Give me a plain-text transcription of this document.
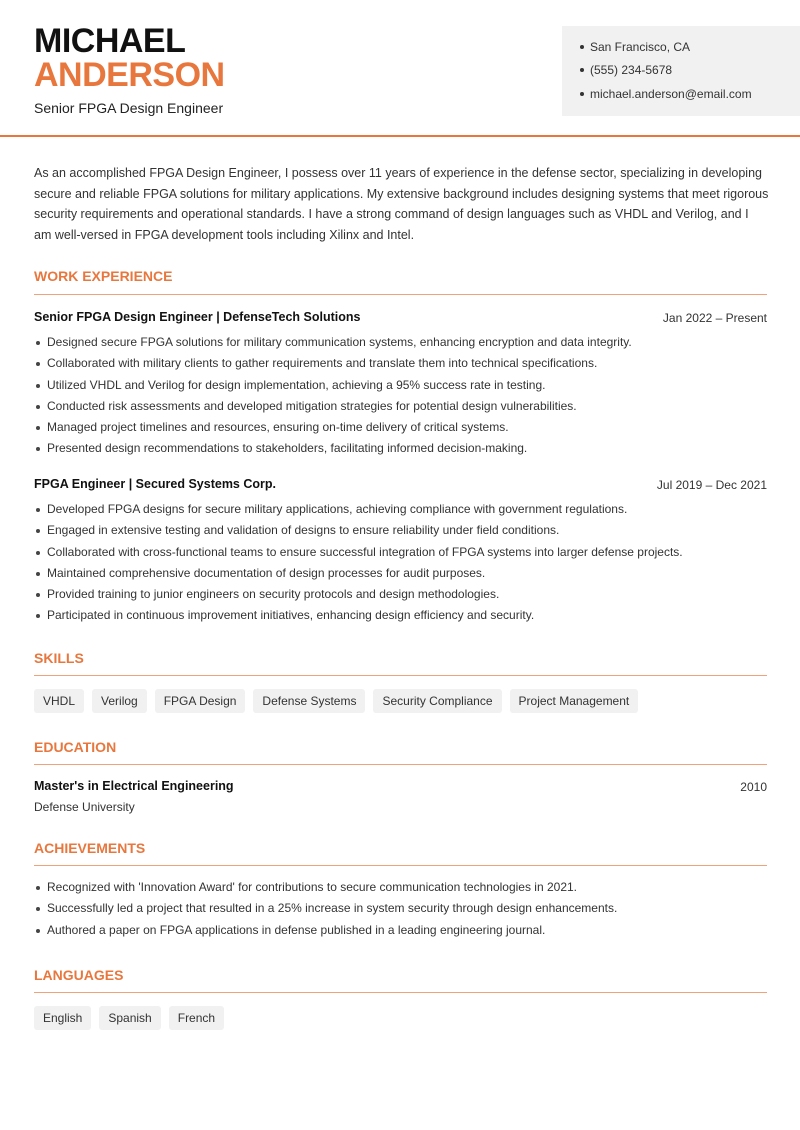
MICHAEL
ANDERSON
Senior FPGA Design Engineer
San Francisco, CA
(555) 234-5678
michael.anderson@email.com

As an accomplished FPGA Design Engineer, I possess over 11 years of experience in the defense sector, specializing in developing secure and reliable FPGA solutions for military applications. My extensive background includes designing systems that meet rigorous security requirements and operational standards. I have a strong command of design languages such as VHDL and Verilog, and I am well-versed in FPGA development tools including Xilinx and Intel.

WORK EXPERIENCE
Senior FPGA Design Engineer | DefenseTech Solutions	Jan 2022 – Present
Designed secure FPGA solutions for military communication systems, enhancing encryption and data integrity.
Collaborated with military clients to gather requirements and translate them into technical specifications.
Utilized VHDL and Verilog for design implementation, achieving a 95% success rate in testing.
Conducted risk assessments and developed mitigation strategies for potential design vulnerabilities.
Managed project timelines and resources, ensuring on-time delivery of critical systems.
Presented design recommendations to stakeholders, facilitating informed decision-making.
FPGA Engineer | Secured Systems Corp.	Jul 2019 – Dec 2021
Developed FPGA designs for secure military applications, achieving compliance with government regulations.
Engaged in extensive testing and validation of designs to ensure reliability under field conditions.
Collaborated with cross-functional teams to ensure successful integration of FPGA systems into larger defense projects.
Maintained comprehensive documentation of design processes for audit purposes.
Provided training to junior engineers on security protocols and design methodologies.
Participated in continuous improvement initiatives, enhancing design efficiency and security.
SKILLS
VHDL	Verilog	FPGA Design	Defense Systems	Security Compliance	Project Management
EDUCATION
Master's in Electrical Engineering	2010
Defense University
ACHIEVEMENTS
Recognized with 'Innovation Award' for contributions to secure communication technologies in 2021.
Successfully led a project that resulted in a 25% increase in system security through design enhancements.
Authored a paper on FPGA applications in defense published in a leading engineering journal.
LANGUAGES
English	Spanish	French
